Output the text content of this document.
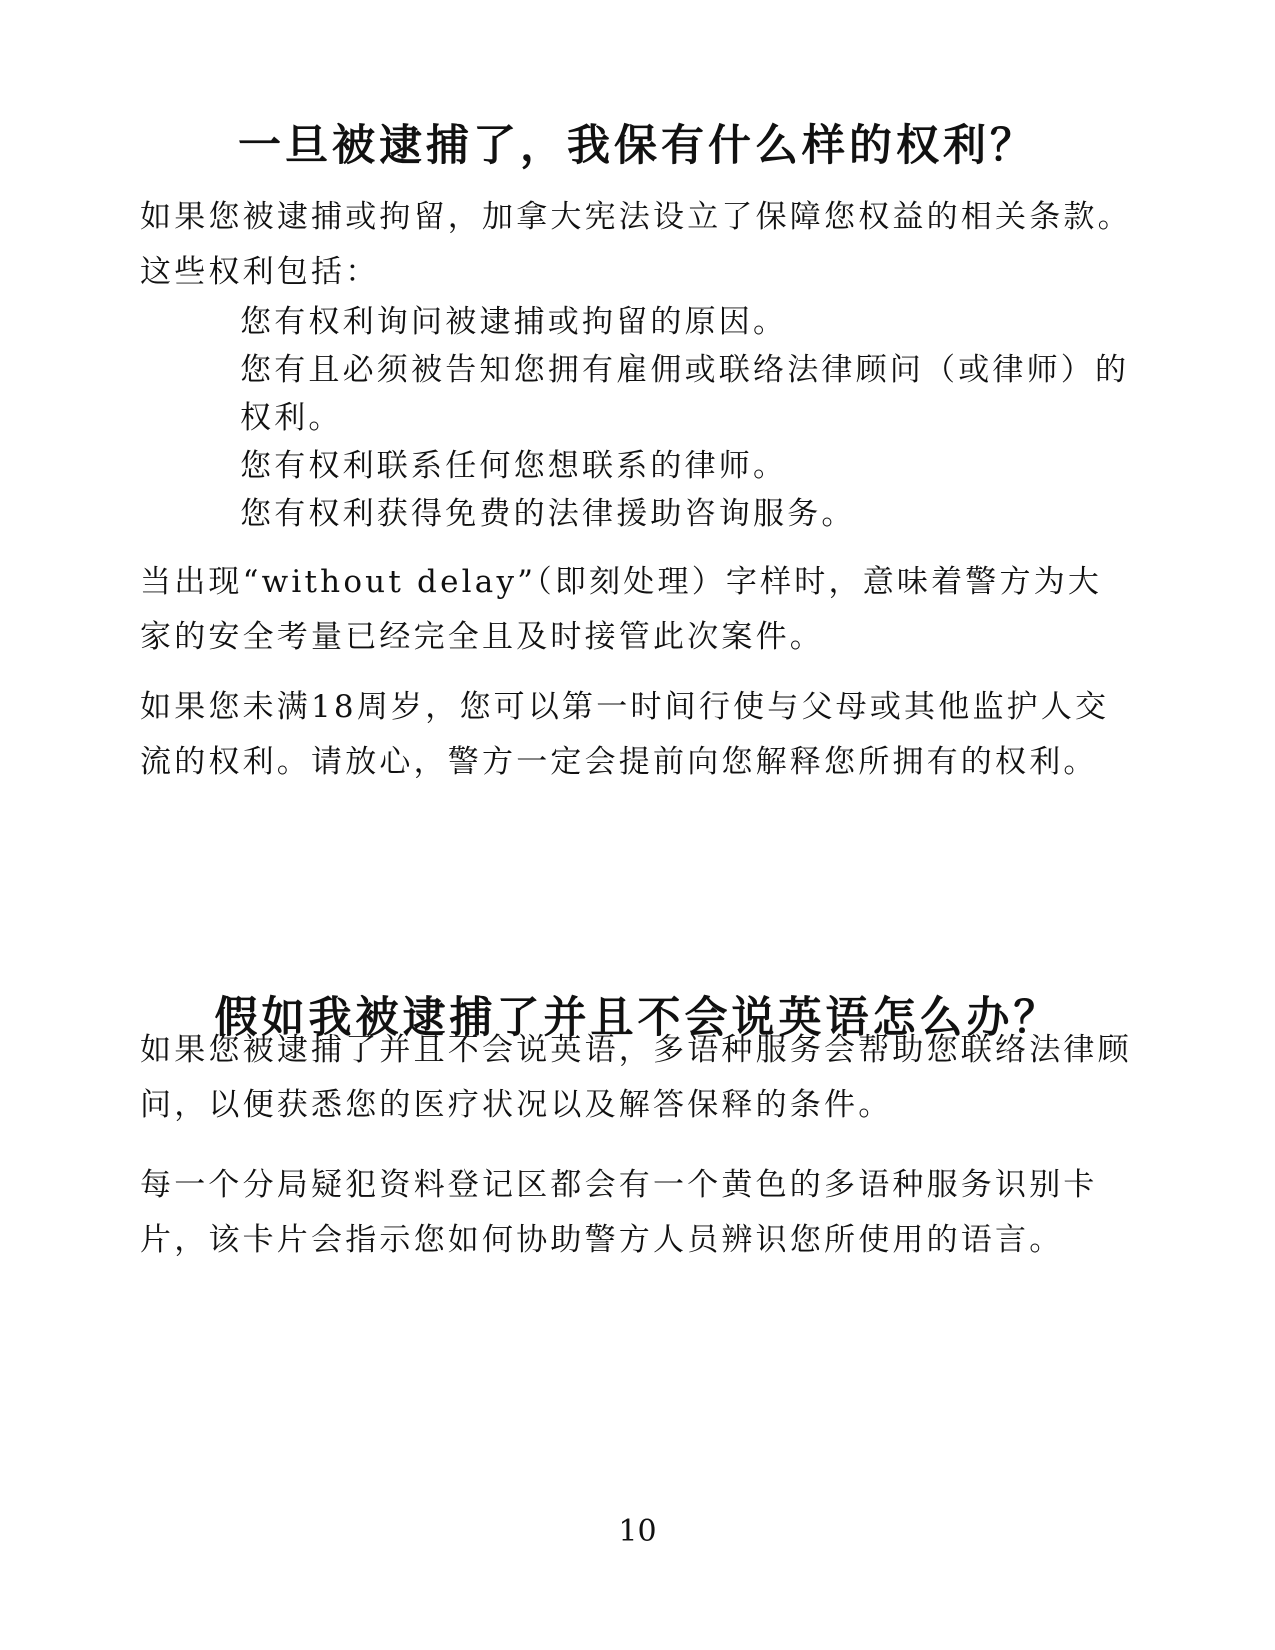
一旦被逮捕了，我保有什么样的权利？

如果您被逮捕或拘留，加拿大宪法设立了保障您权益的相关条款。这些权利包括：

您有权利询问被逮捕或拘留的原因。
您有且必须被告知您拥有雇佣或联络法律顾问（或律师）的权利。
您有权利联系任何您想联系的律师。
您有权利获得免费的法律援助咨询服务。

当出现“without delay”（即刻处理）字样时，意味着警方为大家的安全考量已经完全且及时接管此次案件。

如果您未满18周岁，您可以第一时间行使与父母或其他监护人交流的权利。请放心，警方一定会提前向您解释您所拥有的权利。

假如我被逮捕了并且不会说英语怎么办？

如果您被逮捕了并且不会说英语，多语种服务会帮助您联络法律顾问，以便获悉您的医疗状况以及解答保释的条件。

每一个分局疑犯资料登记区都会有一个黄色的多语种服务识别卡片，该卡片会指示您如何协助警方人员辨识您所使用的语言。

10
